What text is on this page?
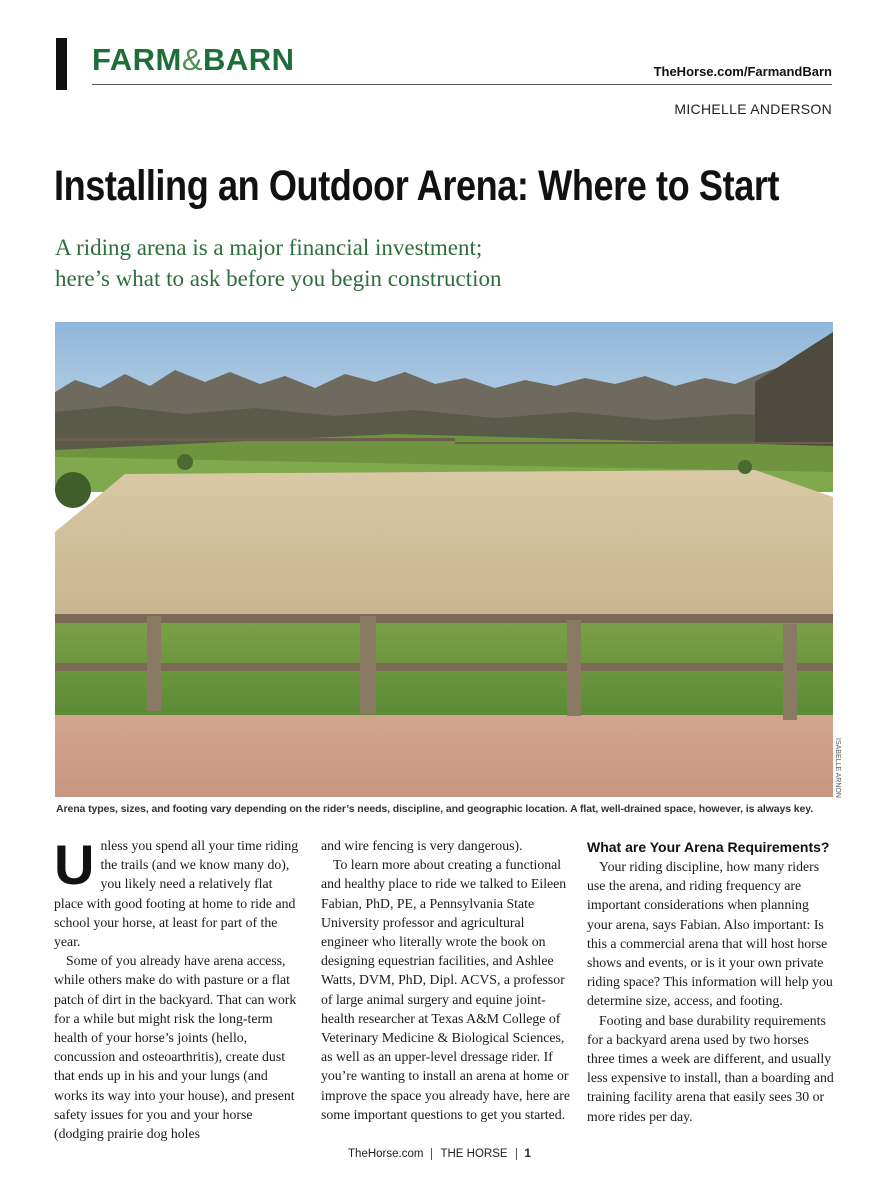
FARM&BARN	TheHorse.com/FarmandBarn
MICHELLE ANDERSON
Installing an Outdoor Arena: Where to Start
A riding arena is a major financial investment;
here’s what to ask before you begin construction
ISABELLE ARNON
Arena types, sizes, and footing vary depending on the rider’s needs, discipline, and geographic location. A flat, well-drained space, however, is always key.

Unless you spend all your time riding the trails (and we know many do), you likely need a relatively flat place with good footing at home to ride and school your horse, at least for part of the year.

Some of you already have arena access, while others make do with pasture or a flat patch of dirt in the backyard. That can work for a while but might risk the long-term health of your horse’s joints (hello, concussion and osteoarthritis), create dust that ends up in his and your lungs (and works its way into your house), and present safety issues for you and your horse (dodging prairie dog holes

and wire fencing is very dangerous).

To learn more about creating a functional and healthy place to ride we talked to Eileen Fabian, PhD, PE, a Pennsylvania State University professor and agricultural engineer who literally wrote the book on designing equestrian facilities, and Ashlee Watts, DVM, PhD, Dipl. ACVS, a professor of large animal surgery and equine joint-health researcher at Texas A&M College of Veterinary Medicine & Biological Sciences, as well as an upper-level dressage rider. If you’re wanting to install an arena at home or improve the space you already have, here are some important questions to get you started.

What are Your Arena Requirements?

Your riding discipline, how many riders use the arena, and riding frequency are important considerations when planning your arena, says Fabian. Also important: Is this a commercial arena that will host horse shows and events, or is it your own private riding space? This information will help you determine size, access, and footing.

Footing and base durability requirements for a backyard arena used by two horses three times a week are different, and usually less expensive to install, than a boarding and training facility arena that easily sees 30 or more rides per day.

TheHorse.com THE HORSE 1
